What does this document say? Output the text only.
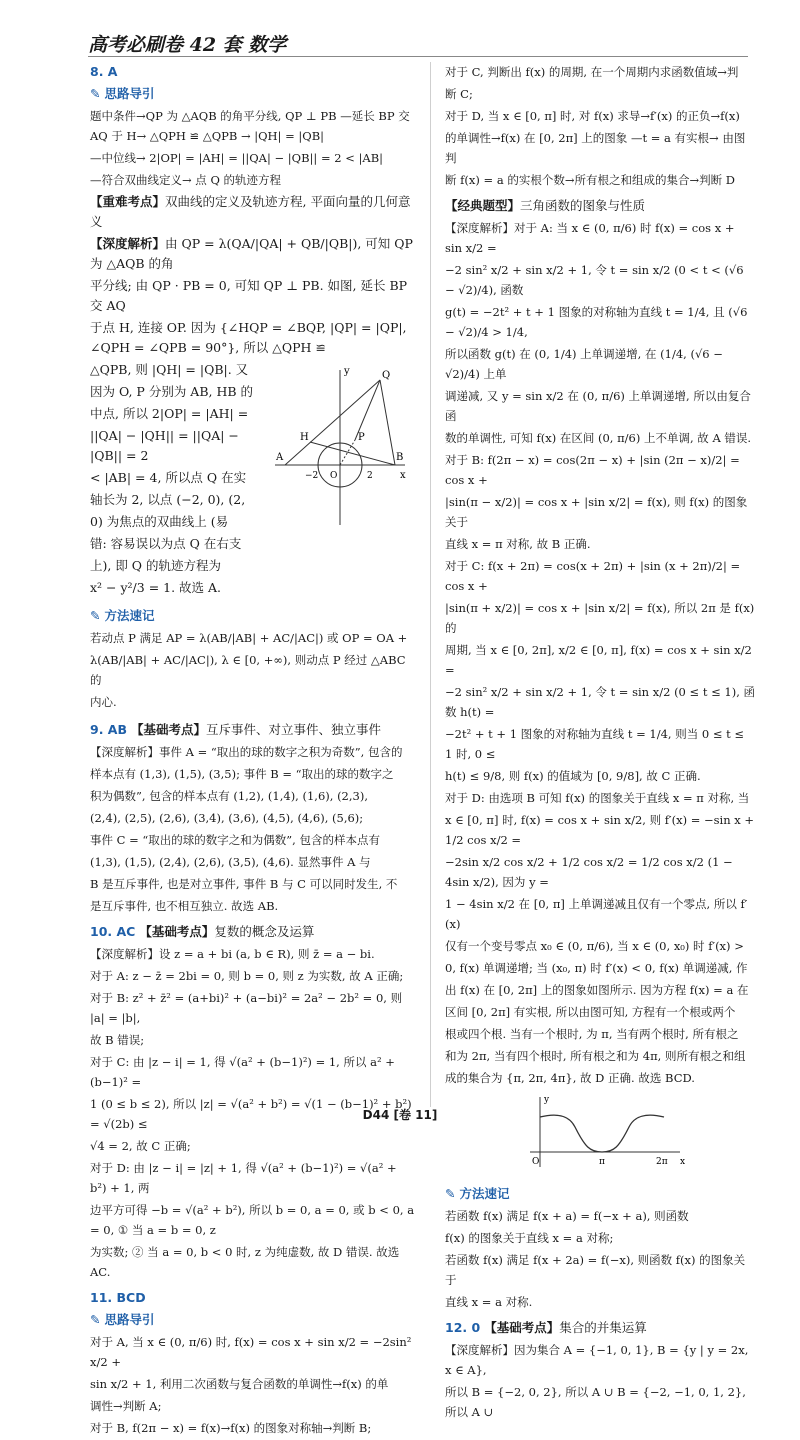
高考必刷卷 42 套 数学
8. A
✎ 思路导引
题中条件→QP 为 △AQB 的角平分线, QP ⊥ PB —延长 BP 交 AQ 于 H→ △QPH ≌ △QPB → |QH| = |QB|
—中位线→ 2|OP| = |AH| = ||QA| − |QB|| = 2 < |AB|
—符合双曲线定义→ 点 Q 的轨迹方程
【重难考点】双曲线的定义及轨迹方程, 平面向量的几何意义
【深度解析】由 QP = λ(QA/|QA| + QB/|QB|), 可知 QP 为 △AQB 的角
平分线; 由 QP · PB = 0, 可知 QP ⊥ PB. 如图, 延长 BP 交 AQ
于点 H, 连接 OP. 因为 {∠HQP = ∠BQP, |QP| = |QP|, ∠QPH = ∠QPB = 90°}, 所以 △QPH ≌
△QPB, 则 |QH| = |QB|. 又
因为 O, P 分别为 AB, HB 的
中点, 所以 2|OP| = |AH| =
||QA| − |QH|| = ||QA| − |QB|| = 2
< |AB| = 4, 所以点 Q 在实
轴长为 2, 以点 (−2, 0), (2,
0) 为焦点的双曲线上 (易
错: 容易误以为点 Q 在右支
上), 即 Q 的轨迹方程为
x² − y²/3 = 1. 故选 A.
y	Q
H	P
A
−2 O	2
B
x
✎ 方法速记
若动点 P 满足 AP = λ(AB/|AB| + AC/|AC|) 或 OP = OA +
λ(AB/|AB| + AC/|AC|), λ ∈ [0, +∞), 则动点 P 经过 △ABC 的
内心.
9. AB 【基础考点】互斥事件、对立事件、独立事件
【深度解析】事件 A = “取出的球的数字之积为奇数”, 包含的
样本点有 (1,3), (1,5), (3,5); 事件 B = “取出的球的数字之
积为偶数”, 包含的样本点有 (1,2), (1,4), (1,6), (2,3),
(2,4), (2,5), (2,6), (3,4), (3,6), (4,5), (4,6), (5,6);
事件 C = “取出的球的数字之和为偶数”, 包含的样本点有
(1,3), (1,5), (2,4), (2,6), (3,5), (4,6). 显然事件 A 与
B 是互斥事件, 也是对立事件, 事件 B 与 C 可以同时发生, 不
是互斥事件, 也不相互独立. 故选 AB.
10. AC 【基础考点】复数的概念及运算
【深度解析】设 z = a + bi (a, b ∈ R), 则 z̄ = a − bi.
对于 A: z − z̄ = 2bi = 0, 则 b = 0, 则 z 为实数, 故 A 正确;
对于 B: z² + z̄² = (a+bi)² + (a−bi)² = 2a² − 2b² = 0, 则 |a| = |b|,
故 B 错误;
对于 C: 由 |z − i| = 1, 得 √(a² + (b−1)²) = 1, 所以 a² + (b−1)² =
1 (0 ≤ b ≤ 2), 所以 |z| = √(a² + b²) = √(1 − (b−1)² + b²) = √(2b) ≤
√4 = 2, 故 C 正确;
对于 D: 由 |z − i| = |z| + 1, 得 √(a² + (b−1)²) = √(a² + b²) + 1, 两
边平方可得 −b = √(a² + b²), 所以 b = 0, a = 0, 或 b < 0, a = 0, ① 当 a = b = 0, z
为实数; ② 当 a = 0, b < 0 时, z 为纯虚数, 故 D 错误. 故选 AC.
11. BCD
✎ 思路导引
对于 A, 当 x ∈ (0, π/6) 时, f(x) = cos x + sin x/2 = −2sin² x/2 +
sin x/2 + 1, 利用二次函数与复合函数的单调性→f(x) 的单
调性→判断 A;
对于 B, f(2π − x) = f(x)→f(x) 的图象对称轴→判断 B;
对于 C, 判断出 f(x) 的周期, 在一个周期内求函数值域→判
断 C;
对于 D, 当 x ∈ [0, π] 时, 对 f(x) 求导→f′(x) 的正负→f(x)
的单调性→f(x) 在 [0, 2π] 上的图象 —t = a 有实根→ 由图判
断 f(x) = a 的实根个数→所有根之和组成的集合→判断 D
【经典题型】三角函数的图象与性质
【深度解析】对于 A: 当 x ∈ (0, π/6) 时 f(x) = cos x + sin x/2 =
−2 sin² x/2 + sin x/2 + 1, 令 t = sin x/2 (0 < t < (√6 − √2)/4), 函数
g(t) = −2t² + t + 1 图象的对称轴为直线 t = 1/4, 且 (√6 − √2)/4 > 1/4,
所以函数 g(t) 在 (0, 1/4) 上单调递增, 在 (1/4, (√6 − √2)/4) 上单
调递减, 又 y = sin x/2 在 (0, π/6) 上单调递增, 所以由复合函
数的单调性, 可知 f(x) 在区间 (0, π/6) 上不单调, 故 A 错误.
对于 B: f(2π − x) = cos(2π − x) + |sin (2π − x)/2| = cos x +
|sin(π − x/2)| = cos x + |sin x/2| = f(x), 则 f(x) 的图象关于
直线 x = π 对称, 故 B 正确.
对于 C: f(x + 2π) = cos(x + 2π) + |sin (x + 2π)/2| = cos x +
|sin(π + x/2)| = cos x + |sin x/2| = f(x), 所以 2π 是 f(x) 的
周期, 当 x ∈ [0, 2π], x/2 ∈ [0, π], f(x) = cos x + sin x/2 =
−2 sin² x/2 + sin x/2 + 1, 令 t = sin x/2 (0 ≤ t ≤ 1), 函数 h(t) =
−2t² + t + 1 图象的对称轴为直线 t = 1/4, 则当 0 ≤ t ≤ 1 时, 0 ≤
h(t) ≤ 9/8, 则 f(x) 的值域为 [0, 9/8], 故 C 正确.
对于 D: 由选项 B 可知 f(x) 的图象关于直线 x = π 对称, 当
x ∈ [0, π] 时, f(x) = cos x + sin x/2, 则 f′(x) = −sin x + 1/2 cos x/2 =
−2sin x/2 cos x/2 + 1/2 cos x/2 = 1/2 cos x/2 (1 − 4sin x/2), 因为 y =
1 − 4sin x/2 在 [0, π] 上单调递减且仅有一个零点, 所以 f′(x)
仅有一个变号零点 x₀ ∈ (0, π/6), 当 x ∈ (0, x₀) 时 f′(x) >
0, f(x) 单调递增; 当 (x₀, π) 时 f′(x) < 0, f(x) 单调递减, 作
出 f(x) 在 [0, 2π] 上的图象如图所示. 因为方程 f(x) = a 在
区间 [0, 2π] 有实根, 所以由图可知, 方程有一个根或两个
根或四个根. 当有一个根时, 为 π, 当有两个根时, 所有根之
和为 2π, 当有四个根时, 所有根之和为 4π, 则所有根之和组
成的集合为 {π, 2π, 4π}, 故 D 正确. 故选 BCD.
y
O	π	2π x
✎ 方法速记
若函数 f(x) 满足 f(x + a) = f(−x + a), 则函数
f(x) 的图象关于直线 x = a 对称;
若函数 f(x) 满足 f(x + 2a) = f(−x), 则函数 f(x) 的图象关于
直线 x = a 对称.
12. 0 【基础考点】集合的并集运算
【深度解析】因为集合 A = {−1, 0, 1}, B = {y | y = 2x, x ∈ A},
所以 B = {−2, 0, 2}, 所以 A ∪ B = {−2, −1, 0, 1, 2}, 所以 A ∪
D44 [卷 11]
